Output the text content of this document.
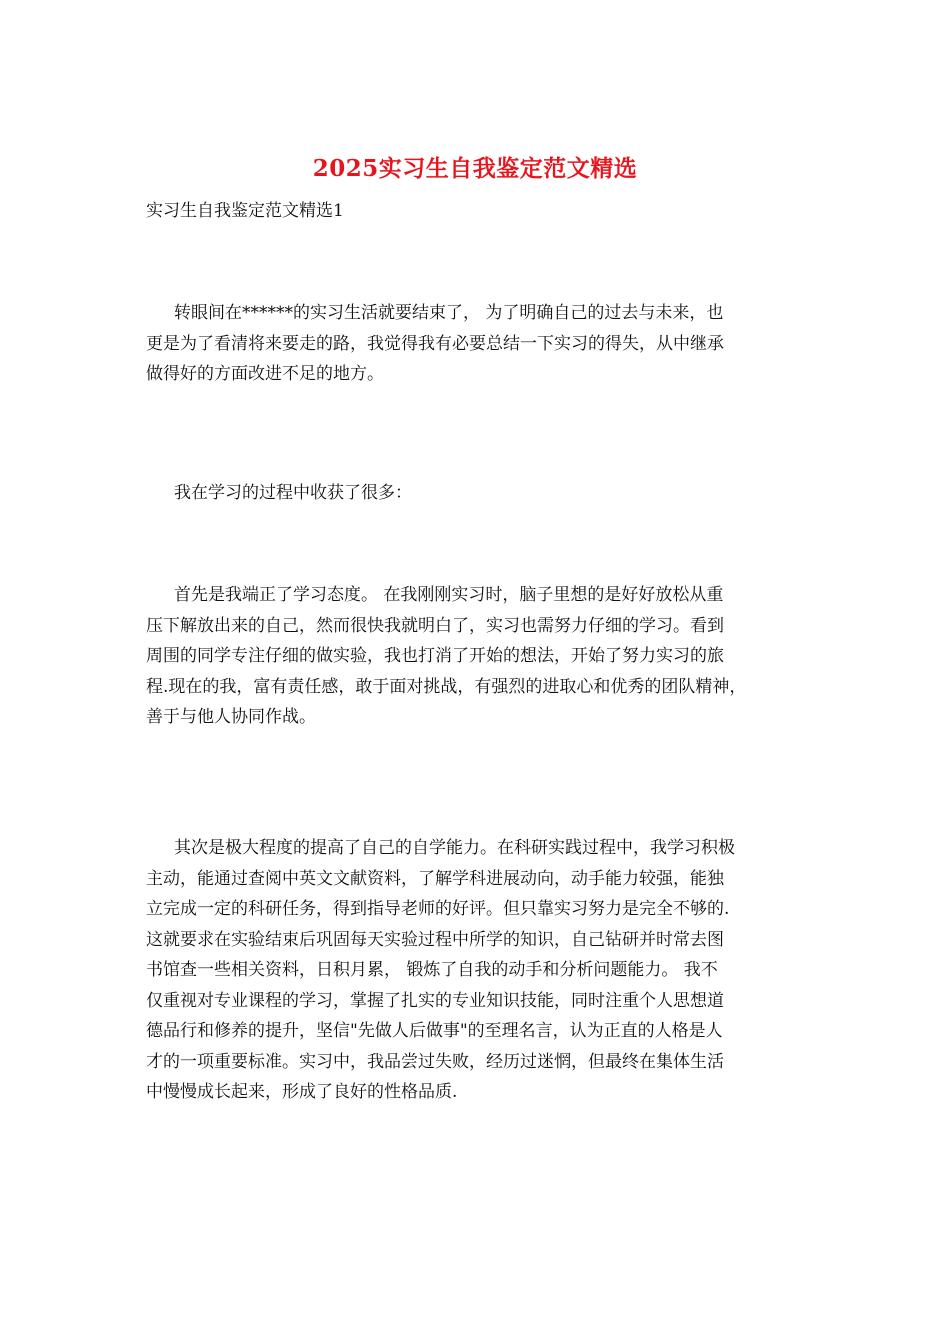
2025实习生自我鉴定范文精选
实习生自我鉴定范文精选1

转眼间在******的实习生活就要结束了， 为了明确自己的过去与未来，也
更是为了看清将来要走的路，我觉得我有必要总结一下实习的得失，从中继承
做得好的方面改进不足的地方。

我在学习的过程中收获了很多：

首先是我端正了学习态度。 在我刚刚实习时，脑子里想的是好好放松从重
压下解放出来的自己，然而很快我就明白了，实习也需努力仔细的学习。看到
周围的同学专注仔细的做实验，我也打消了开始的想法，开始了努力实习的旅
程.现在的我，富有责任感，敢于面对挑战，有强烈的进取心和优秀的团队精神，
善于与他人协同作战。

其次是极大程度的提高了自己的自学能力。在科研实践过程中，我学习积极
主动，能通过查阅中英文文献资料，了解学科进展动向，动手能力较强，能独
立完成一定的科研任务，得到指导老师的好评。但只靠实习努力是完全不够的.
这就要求在实验结束后巩固每天实验过程中所学的知识，自己钻研并时常去图
书馆查一些相关资料，日积月累， 锻炼了自我的动手和分析问题能力。 我不
仅重视对专业课程的学习，掌握了扎实的专业知识技能，同时注重个人思想道
德品行和修养的提升，坚信"先做人后做事"的至理名言，认为正直的人格是人
才的一项重要标准。实习中，我品尝过失败，经历过迷惘，但最终在集体生活
中慢慢成长起来，形成了良好的性格品质.
